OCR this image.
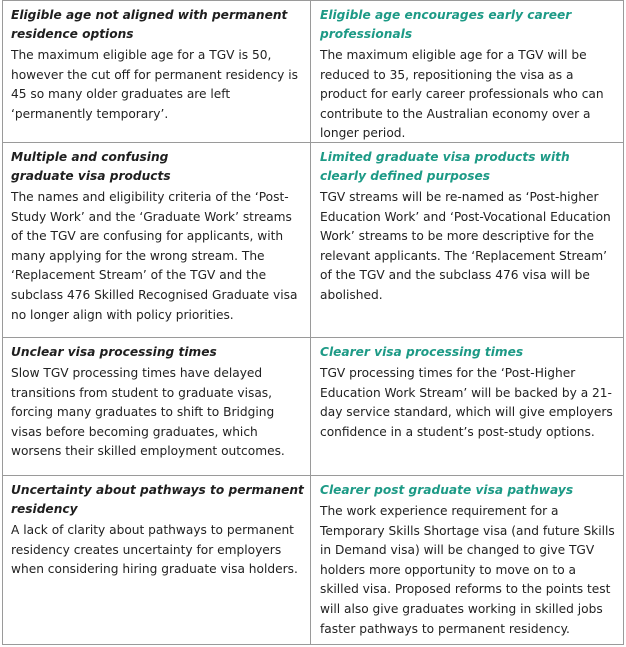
Eligible age not aligned with permanent residence options

The maximum eligible age for a TGV is 50, however the cut off for permanent residency is 45 so many older graduates are left ‘permanently temporary’.

Eligible age encourages early career professionals

The maximum eligible age for a TGV will be reduced to 35, repositioning the visa as a product for early career professionals who can contribute to the Australian economy over a longer period.

Multiple and confusing graduate visa products

The names and eligibility criteria of the ‘Post-Study Work’ and the ‘Graduate Work’ streams of the TGV are confusing for applicants, with many applying for the wrong stream. The ‘Replacement Stream’ of the TGV and the subclass 476 Skilled Recognised Graduate visa no longer align with policy priorities.

Limited graduate visa products with clearly defined purposes

TGV streams will be re-named as ‘Post-higher Education Work’ and ‘Post-Vocational Education Work’ streams to be more descriptive for the relevant applicants. The ‘Replacement Stream’ of the TGV and the subclass 476 visa will be abolished.

Unclear visa processing times

Slow TGV processing times have delayed transitions from student to graduate visas, forcing many graduates to shift to Bridging visas before becoming graduates, which worsens their skilled employment outcomes.

Clearer visa processing times

TGV processing times for the ‘Post-Higher Education Work Stream’ will be backed by a 21-day service standard, which will give employers confidence in a student’s post-study options.

Uncertainty about pathways to permanent residency

A lack of clarity about pathways to permanent residency creates uncertainty for employers when considering hiring graduate visa holders.

Clearer post graduate visa pathways

The work experience requirement for a Temporary Skills Shortage visa (and future Skills in Demand visa) will be changed to give TGV holders more opportunity to move on to a skilled visa. Proposed reforms to the points test will also give graduates working in skilled jobs faster pathways to permanent residency.
